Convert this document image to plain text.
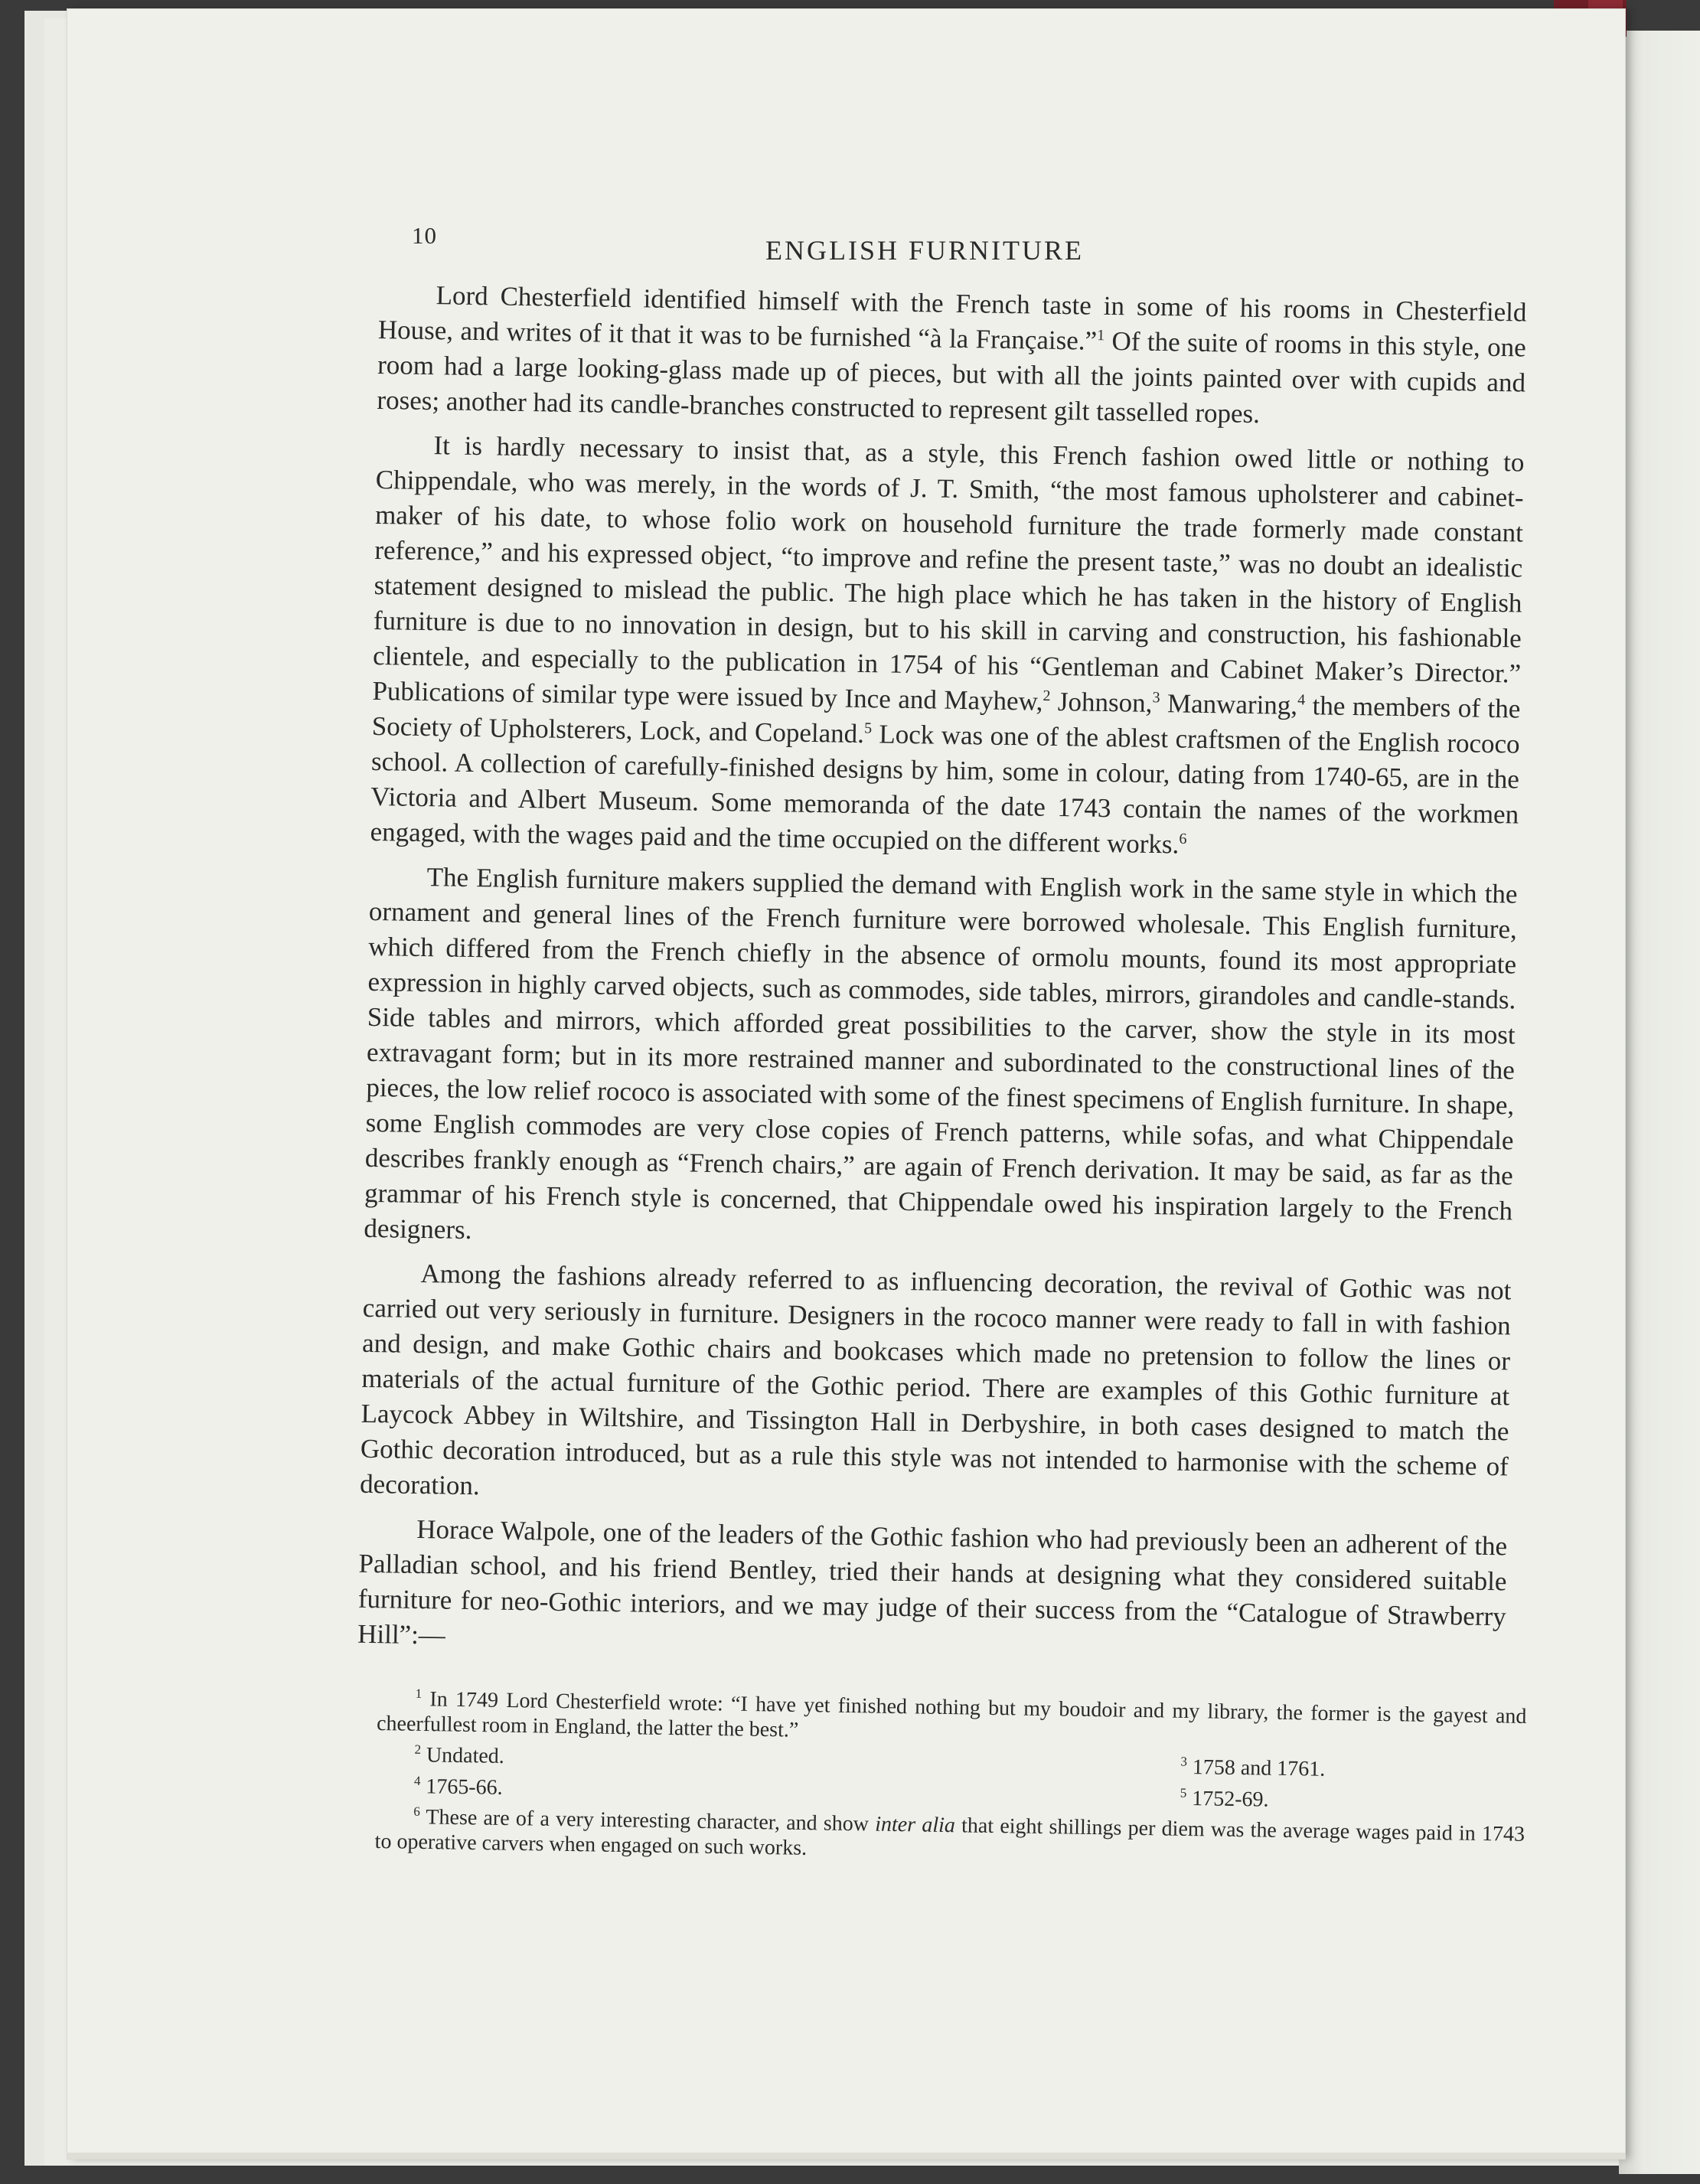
10	ENGLISH FURNITURE

Lord Chesterfield identified himself with the French taste in some of his rooms in Chesterfield House, and writes of it that it was to be furnished “à la Française.”$^1$ Of the suite of rooms in this style, one room had a large looking-glass made up of pieces, but with all the joints painted over with cupids and roses; another had its candle-branches constructed to represent gilt tasselled ropes.

It is hardly necessary to insist that, as a style, this French fashion owed little or nothing to Chippendale, who was merely, in the words of J. T. Smith, “the most famous upholsterer and cabinet-maker of his date, to whose folio work on household furniture the trade formerly made constant reference,” and his expressed object, “to improve and refine the present taste,” was no doubt an idealistic statement designed to mislead the public. The high place which he has taken in the history of English furniture is due to no innovation in design, but to his skill in carving and construction, his fashionable clientele, and especially to the publication in 1754 of his “Gentleman and Cabinet Maker’s Director.” Publications of similar type were issued by Ince and Mayhew,$^2$ Johnson,$^3$ Manwaring,$^4$ the members of the Society of Upholsterers, Lock, and Copeland.$^5$ Lock was one of the ablest craftsmen of the English rococo school. A collection of carefully-finished designs by him, some in colour, dating from 1740-65, are in the Victoria and Albert Museum. Some memoranda of the date 1743 contain the names of the workmen engaged, with the wages paid and the time occupied on the different works.$^6$

The English furniture makers supplied the demand with English work in the same style in which the ornament and general lines of the French furniture were borrowed wholesale. This English furniture, which differed from the French chiefly in the absence of ormolu mounts, found its most appropriate expression in highly carved objects, such as commodes, side tables, mirrors, girandoles and candle-stands. Side tables and mirrors, which afforded great possibilities to the carver, show the style in its most extravagant form; but in its more restrained manner and subordinated to the constructional lines of the pieces, the low relief rococo is associated with some of the finest specimens of English furniture. In shape, some English commodes are very close copies of French patterns, while sofas, and what Chippendale describes frankly enough as “French chairs,” are again of French derivation. It may be said, as far as the grammar of his French style is concerned, that Chippendale owed his inspiration largely to the French designers.

Among the fashions already referred to as influencing decoration, the revival of Gothic was not carried out very seriously in furniture. Designers in the rococo manner were ready to fall in with fashion and design, and make Gothic chairs and bookcases which made no pretension to follow the lines or materials of the actual furniture of the Gothic period. There are examples of this Gothic furniture at Laycock Abbey in Wiltshire, and Tissington Hall in Derbyshire, in both cases designed to match the Gothic decoration introduced, but as a rule this style was not intended to harmonise with the scheme of decoration.

Horace Walpole, one of the leaders of the Gothic fashion who had previously been an adherent of the Palladian school, and his friend Bentley, tried their hands at designing what they considered suitable furniture for neo-Gothic interiors, and we may judge of their success from the “Catalogue of Strawberry Hill”:—

$^1$ In 1749 Lord Chesterfield wrote: “I have yet finished nothing but my boudoir and my library, the former is the gayest and cheerfullest room in England, the latter the best.”

$^2$ Undated.	$^3$ 1758 and 1761.

$^4$ 1765-66.	$^5$ 1752-69.

$^6$ These are of a very interesting character, and show inter alia that eight shillings per diem was the average wages paid in 1743 to operative carvers when engaged on such works.
